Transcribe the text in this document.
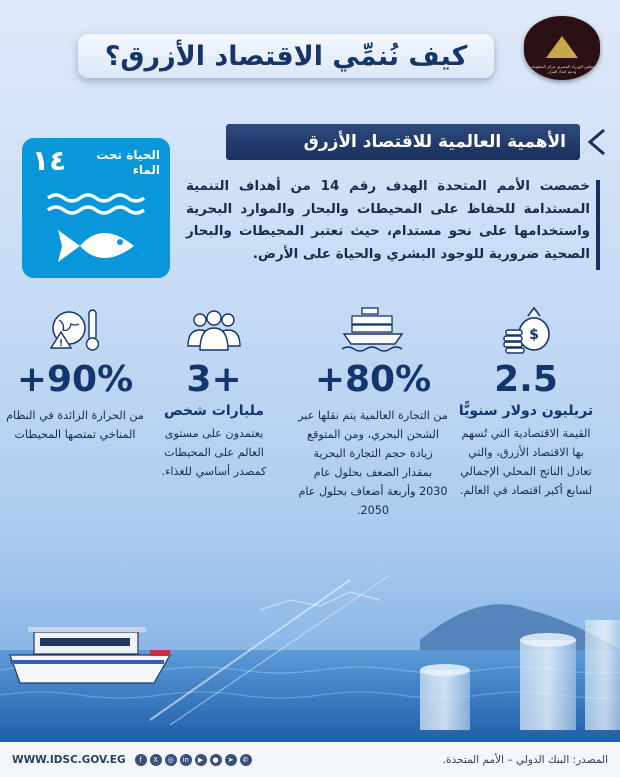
مجلس الوزراء المصري مركز المعلومات ودعم اتخاذ القرار
كيف نُنمِّي الاقتصاد الأزرق؟
الأهمية العالمية للاقتصاد الأزرق
خصصت الأمم المتحدة الهدف رقم 14 من أهداف التنمية المستدامة للحفاظ على المحيطات والبحار والموارد البحرية واستخدامها على نحو مستدام، حيث تعتبر المحيطات والبحار الصحية ضرورية للوجود البشري والحياة على الأرض.
١٤	الحياة تحت الماء
$
2.5
تريليون دولار سنويًّا
القيمة الاقتصادية التي تُسهم بها الاقتصاد الأزرق، والتي تعادل الناتج المحلي الإجمالي لسابع أكبر اقتصاد في العالم.
+80%
من التجارة العالمية يتم نقلها عبر الشحن البحري، ومن المتوقع زيادة حجم التجارة البحرية بمقدار الضعف بحلول عام 2030 وأربعة أضعاف بحلول عام 2050.
3+
مليارات شخص
يعتمدون على مستوى العالم على المحيطات كمصدر أساسي للغذاء.
!
+90%
من الحرارة الزائدة في النظام المناخي تمتصها المحيطات
المصدر: البنك الدولي – الأمم المتحدة.
WWW.IDSC.GOV.EG	f	X	◎	in	▶	●	➤	✆
